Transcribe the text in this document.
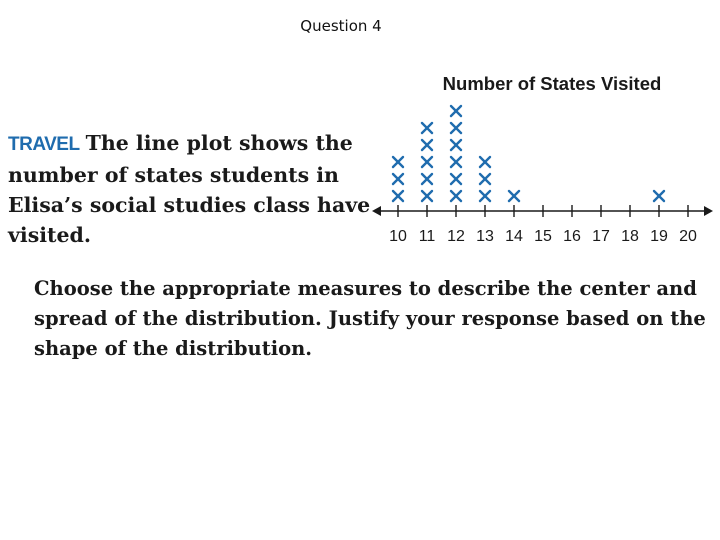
Question 4
TRAVEL The line plot shows the number of states students in Elisa’s social studies class have visited.
Choose the appropriate measures to describe the center and spread of the distribution. Justify your response based on the shape of the distribution.
Number of States Visited
10 11 12 13 14 15 16 17 18 19 20
